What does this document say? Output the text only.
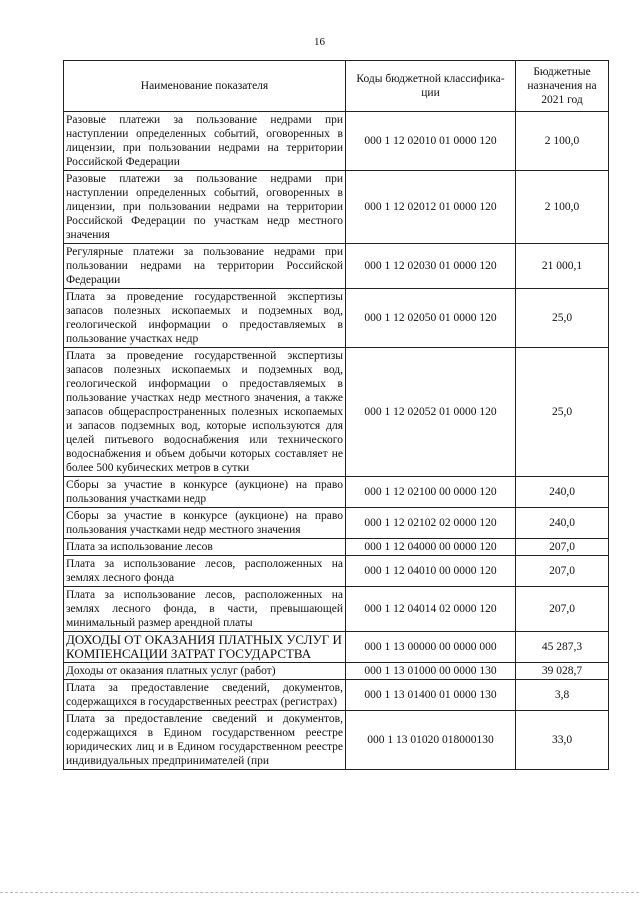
16
Наименование показателя	Коды бюджетной классифика-ции	Бюджетные назначения на 2021 год
Разовые платежи за пользование недрами при наступлении определенных событий, оговоренных в лицензии, при пользовании недрами на территории Российской Федерации	000 1 12 02010 01 0000 120	2 100,0
Разовые платежи за пользование недрами при наступлении определенных событий, оговоренных в лицензии, при пользовании недрами на территории Российской Федерации по участкам недр местного значения	000 1 12 02012 01 0000 120	2 100,0
Регулярные платежи за пользование недрами при пользовании недрами на территории Российской Федерации	000 1 12 02030 01 0000 120	21 000,1
Плата за проведение государственной экспертизы запасов полезных ископаемых и подземных вод, геологической информации о предоставляемых в пользование участках недр	000 1 12 02050 01 0000 120	25,0
Плата за проведение государственной экспертизы запасов полезных ископаемых и подземных вод, геологической информации о предоставляемых в пользование участках недр местного значения, а также запасов общераспространенных полезных ископаемых и запасов подземных вод, которые используются для целей питьевого водоснабжения или технического водоснабжения и объем добычи которых составляет не более 500 кубических метров в сутки	000 1 12 02052 01 0000 120	25,0
Сборы за участие в конкурсе (аукционе) на право пользования участками недр	000 1 12 02100 00 0000 120	240,0
Сборы за участие в конкурсе (аукционе) на право пользования участками недр местного значения	000 1 12 02102 02 0000 120	240,0
Плата за использование лесов	000 1 12 04000 00 0000 120	207,0
Плата за использование лесов, расположенных на землях лесного фонда	000 1 12 04010 00 0000 120	207,0
Плата за использование лесов, расположенных на землях лесного фонда, в части, превышающей минимальный размер арендной платы	000 1 12 04014 02 0000 120	207,0
ДОХОДЫ ОТ ОКАЗАНИЯ ПЛАТНЫХ УСЛУГ И КОМПЕНСАЦИИ ЗАТРАТ ГОСУДАРСТВА	000 1 13 00000 00 0000 000	45 287,3
Доходы от оказания платных услуг (работ)	000 1 13 01000 00 0000 130	39 028,7
Плата за предоставление сведений, документов, содержащихся в государственных реестрах (регистрах)	000 1 13 01400 01 0000 130	3,8
Плата за предоставление сведений и документов, содержащихся в Едином государственном реестре юридических лиц и в Едином государственном реестре индивидуальных предпринимателей (при	000 1 13 01020 018000130	33,0
